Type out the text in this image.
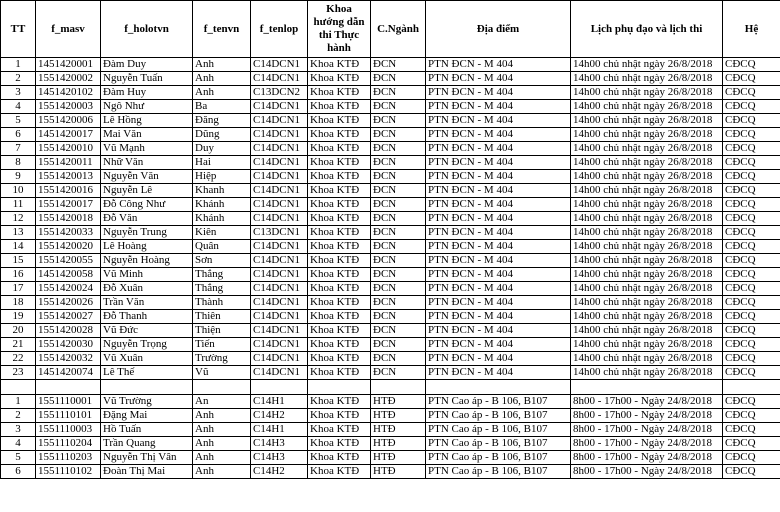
TT	f_masv	f_holotvn	f_tenvn	f_tenlop	Khoa hướng dẫn thi Thực hành	C.Ngành	Địa điểm	Lịch phụ đạo và lịch thi	Hệ
1	1451420001	Đàm Duy	Anh	C14DCN1	Khoa KTĐ	ĐCN	PTN ĐCN - M 404	14h00 chủ nhật ngày 26/8/2018	CĐCQ
2	1551420002	Nguyễn Tuấn	Anh	C14DCN1	Khoa KTĐ	ĐCN	PTN ĐCN - M 404	14h00 chủ nhật ngày 26/8/2018	CĐCQ
3	1451420102	Đàm Huy	Anh	C13DCN2	Khoa KTĐ	ĐCN	PTN ĐCN - M 404	14h00 chủ nhật ngày 26/8/2018	CĐCQ
4	1551420003	Ngô Như	Ba	C14DCN1	Khoa KTĐ	ĐCN	PTN ĐCN - M 404	14h00 chủ nhật ngày 26/8/2018	CĐCQ
5	1551420006	Lê Hồng	Đăng	C14DCN1	Khoa KTĐ	ĐCN	PTN ĐCN - M 404	14h00 chủ nhật ngày 26/8/2018	CĐCQ
6	1451420017	Mai Văn	Dũng	C14DCN1	Khoa KTĐ	ĐCN	PTN ĐCN - M 404	14h00 chủ nhật ngày 26/8/2018	CĐCQ
7	1551420010	Vũ Mạnh	Duy	C14DCN1	Khoa KTĐ	ĐCN	PTN ĐCN - M 404	14h00 chủ nhật ngày 26/8/2018	CĐCQ
8	1551420011	Nhữ Văn	Hai	C14DCN1	Khoa KTĐ	ĐCN	PTN ĐCN - M 404	14h00 chủ nhật ngày 26/8/2018	CĐCQ
9	1551420013	Nguyễn Văn	Hiệp	C14DCN1	Khoa KTĐ	ĐCN	PTN ĐCN - M 404	14h00 chủ nhật ngày 26/8/2018	CĐCQ
10	1551420016	Nguyễn Lê	Khanh	C14DCN1	Khoa KTĐ	ĐCN	PTN ĐCN - M 404	14h00 chủ nhật ngày 26/8/2018	CĐCQ
11	1551420017	Đỗ Công Như	Khánh	C14DCN1	Khoa KTĐ	ĐCN	PTN ĐCN - M 404	14h00 chủ nhật ngày 26/8/2018	CĐCQ
12	1551420018	Đỗ Văn	Khánh	C14DCN1	Khoa KTĐ	ĐCN	PTN ĐCN - M 404	14h00 chủ nhật ngày 26/8/2018	CĐCQ
13	1551420033	Nguyễn Trung	Kiên	C13DCN1	Khoa KTĐ	ĐCN	PTN ĐCN - M 404	14h00 chủ nhật ngày 26/8/2018	CĐCQ
14	1551420020	Lê Hoàng	Quân	C14DCN1	Khoa KTĐ	ĐCN	PTN ĐCN - M 404	14h00 chủ nhật ngày 26/8/2018	CĐCQ
15	1551420055	Nguyễn Hoàng	Sơn	C14DCN1	Khoa KTĐ	ĐCN	PTN ĐCN - M 404	14h00 chủ nhật ngày 26/8/2018	CĐCQ
16	1451420058	Vũ Minh	Thắng	C14DCN1	Khoa KTĐ	ĐCN	PTN ĐCN - M 404	14h00 chủ nhật ngày 26/8/2018	CĐCQ
17	1551420024	Đỗ Xuân	Thắng	C14DCN1	Khoa KTĐ	ĐCN	PTN ĐCN - M 404	14h00 chủ nhật ngày 26/8/2018	CĐCQ
18	1551420026	Trần Văn	Thành	C14DCN1	Khoa KTĐ	ĐCN	PTN ĐCN - M 404	14h00 chủ nhật ngày 26/8/2018	CĐCQ
19	1551420027	Đỗ Thanh	Thiên	C14DCN1	Khoa KTĐ	ĐCN	PTN ĐCN - M 404	14h00 chủ nhật ngày 26/8/2018	CĐCQ
20	1551420028	Vũ Đức	Thiện	C14DCN1	Khoa KTĐ	ĐCN	PTN ĐCN - M 404	14h00 chủ nhật ngày 26/8/2018	CĐCQ
21	1551420030	Nguyễn Trọng	Tiến	C14DCN1	Khoa KTĐ	ĐCN	PTN ĐCN - M 404	14h00 chủ nhật ngày 26/8/2018	CĐCQ
22	1551420032	Vũ Xuân	Trường	C14DCN1	Khoa KTĐ	ĐCN	PTN ĐCN - M 404	14h00 chủ nhật ngày 26/8/2018	CĐCQ
23	1451420074	Lê Thế	Vũ	C14DCN1	Khoa KTĐ	ĐCN	PTN ĐCN - M 404	14h00 chủ nhật ngày 26/8/2018	CĐCQ

1	1551110001	Vũ Trường	An	C14H1	Khoa KTĐ	HTĐ	PTN Cao áp - B 106, B107	8h00 - 17h00 - Ngày 24/8/2018	CĐCQ
2	1551110101	Đặng Mai	Anh	C14H2	Khoa KTĐ	HTĐ	PTN Cao áp - B 106, B107	8h00 - 17h00 - Ngày 24/8/2018	CĐCQ
3	1551110003	Hồ Tuấn	Anh	C14H1	Khoa KTĐ	HTĐ	PTN Cao áp - B 106, B107	8h00 - 17h00 - Ngày 24/8/2018	CĐCQ
4	1551110204	Trần Quang	Anh	C14H3	Khoa KTĐ	HTĐ	PTN Cao áp - B 106, B107	8h00 - 17h00 - Ngày 24/8/2018	CĐCQ
5	1551110203	Nguyễn Thị Vân	Anh	C14H3	Khoa KTĐ	HTĐ	PTN Cao áp - B 106, B107	8h00 - 17h00 - Ngày 24/8/2018	CĐCQ
6	1551110102	Đoàn Thị Mai	Anh	C14H2	Khoa KTĐ	HTĐ	PTN Cao áp - B 106, B107	8h00 - 17h00 - Ngày 24/8/2018	CĐCQ
